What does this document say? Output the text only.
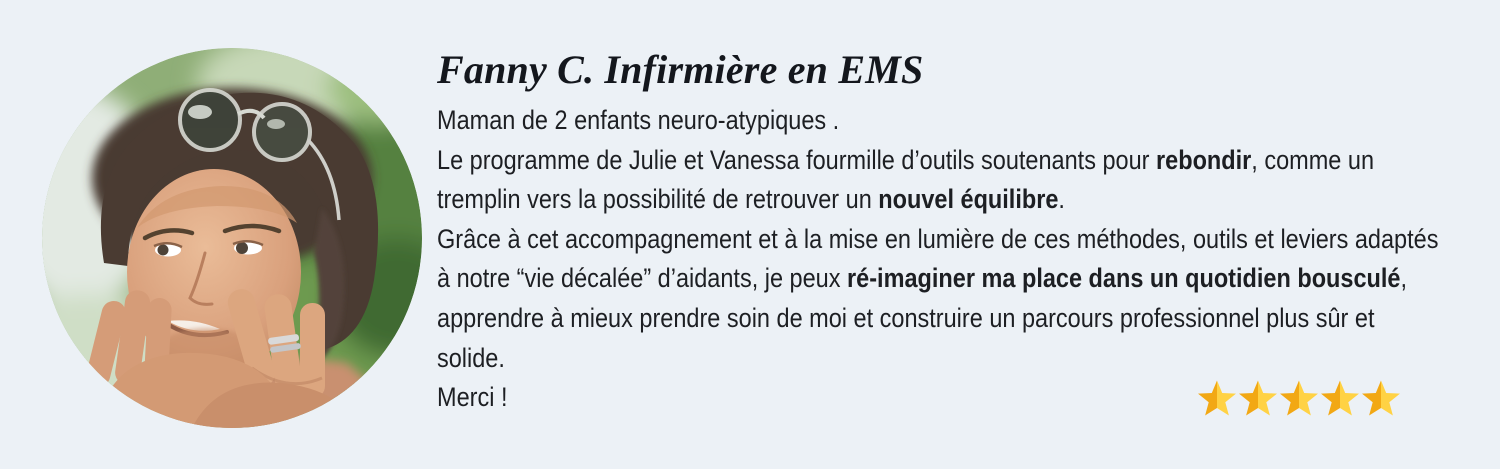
Fanny C. Infirmière en EMS
Maman de 2 enfants neuro-atypiques .
Le programme de Julie et Vanessa fourmille d’outils soutenants pour rebondir, comme un
tremplin vers la possibilité de retrouver un nouvel équilibre.
Grâce à cet accompagnement et à la mise en lumière de ces méthodes, outils et leviers adaptés
à notre “vie décalée” d’aidants, je peux ré-imaginer ma place dans un quotidien bousculé,
apprendre à mieux prendre soin de moi et construire un parcours professionnel plus sûr et
solide.
Merci !
